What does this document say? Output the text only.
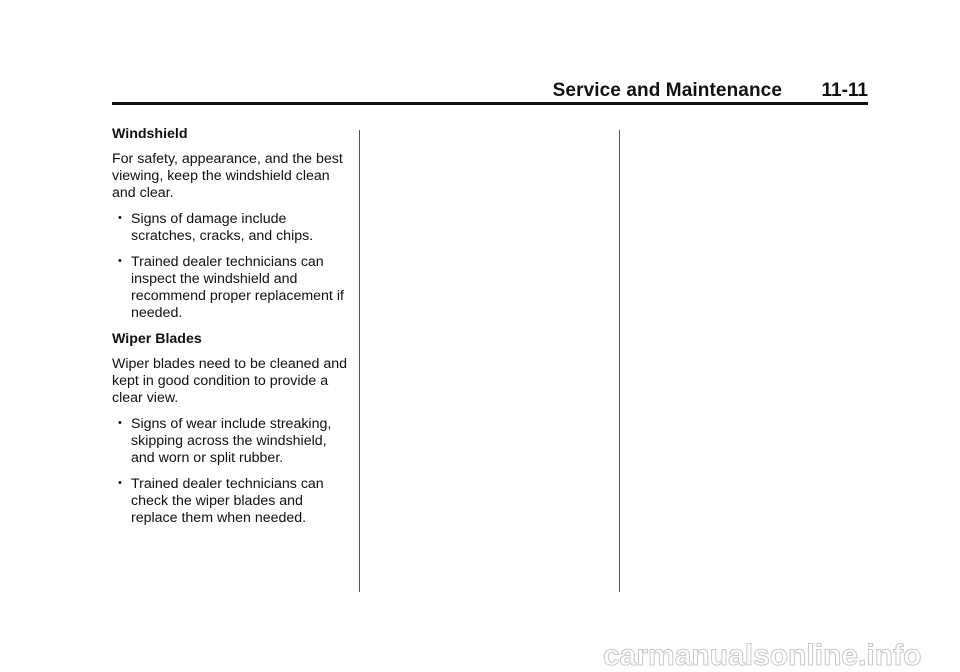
Service and Maintenance 11-11

Windshield

For safety, appearance, and the best viewing, keep the windshield clean and clear.

• Signs of damage include scratches, cracks, and chips.
• Trained dealer technicians can inspect the windshield and recommend proper replacement if needed.

Wiper Blades

Wiper blades need to be cleaned and kept in good condition to provide a clear view.

• Signs of wear include streaking, skipping across the windshield, and worn or split rubber.
• Trained dealer technicians can check the wiper blades and replace them when needed.
carmanualsonline.info
